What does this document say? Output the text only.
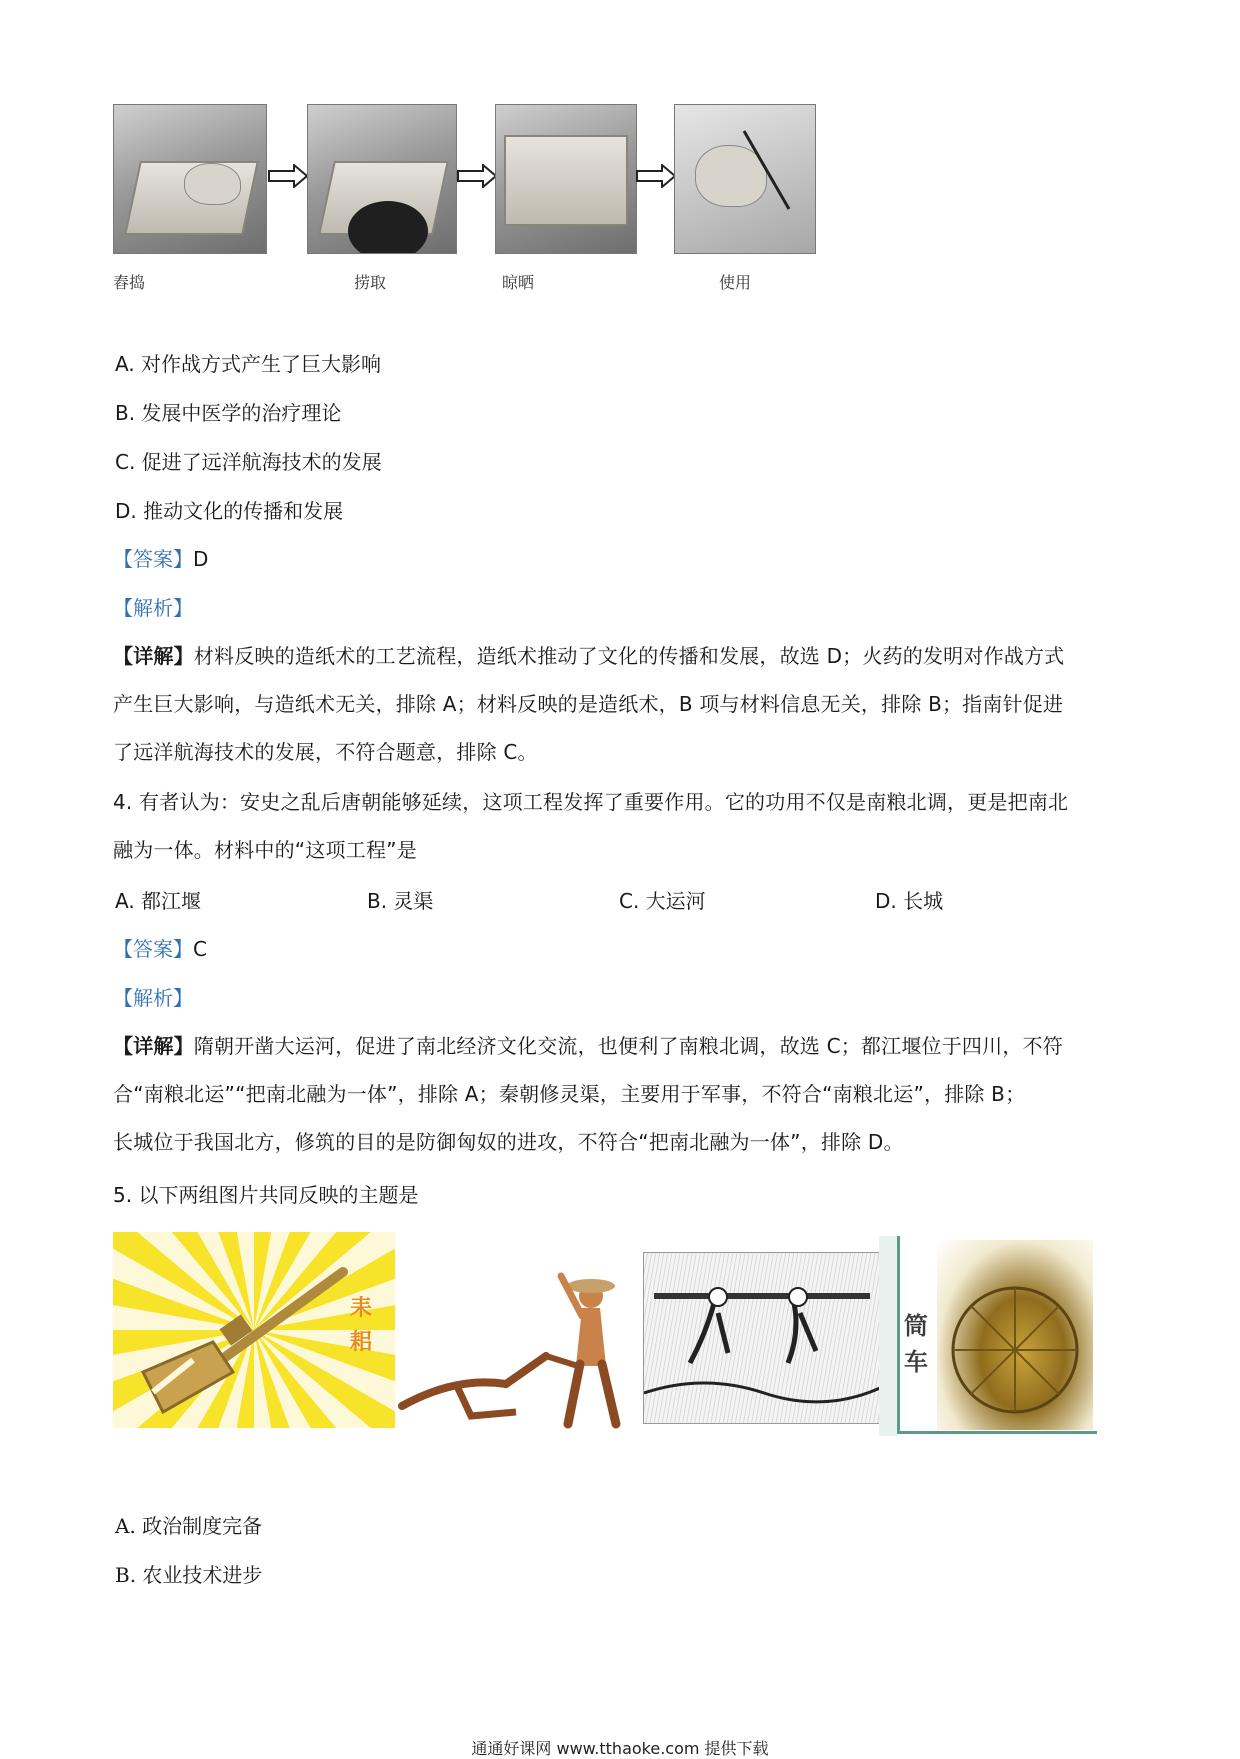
舂捣	捞取	晾晒	使用
A. 对作战方式产生了巨大影响
B. 发展中医学的治疗理论
C. 促进了远洋航海技术的发展
D. 推动文化的传播和发展
【答案】D
【解析】
【详解】材料反映的造纸术的工艺流程，造纸术推动了文化的传播和发展，故选 D；火药的发明对作战方式
产生巨大影响，与造纸术无关，排除 A；材料反映的是造纸术，B 项与材料信息无关，排除 B；指南针促进
了远洋航海技术的发展，不符合题意，排除 C。
4. 有者认为：安史之乱后唐朝能够延续，这项工程发挥了重要作用。它的功用不仅是南粮北调，更是把南北
融为一体。材料中的“这项工程”是
A. 都江堰	B. 灵渠	C. 大运河	D. 长城
【答案】C
【解析】
【详解】隋朝开凿大运河，促进了南北经济文化交流，也便利了南粮北调，故选 C；都江堰位于四川，不符
合“南粮北运”“把南北融为一体”，排除 A；秦朝修灵渠，主要用于军事，不符合“南粮北运”，排除 B；
长城位于我国北方，修筑的目的是防御匈奴的进攻，不符合“把南北融为一体”，排除 D。
5. 以下两组图片共同反映的主题是
耒耜
筒车
A. 政治制度完备
B. 农业技术进步
通通好课网 www.tthaoke.com 提供下载
